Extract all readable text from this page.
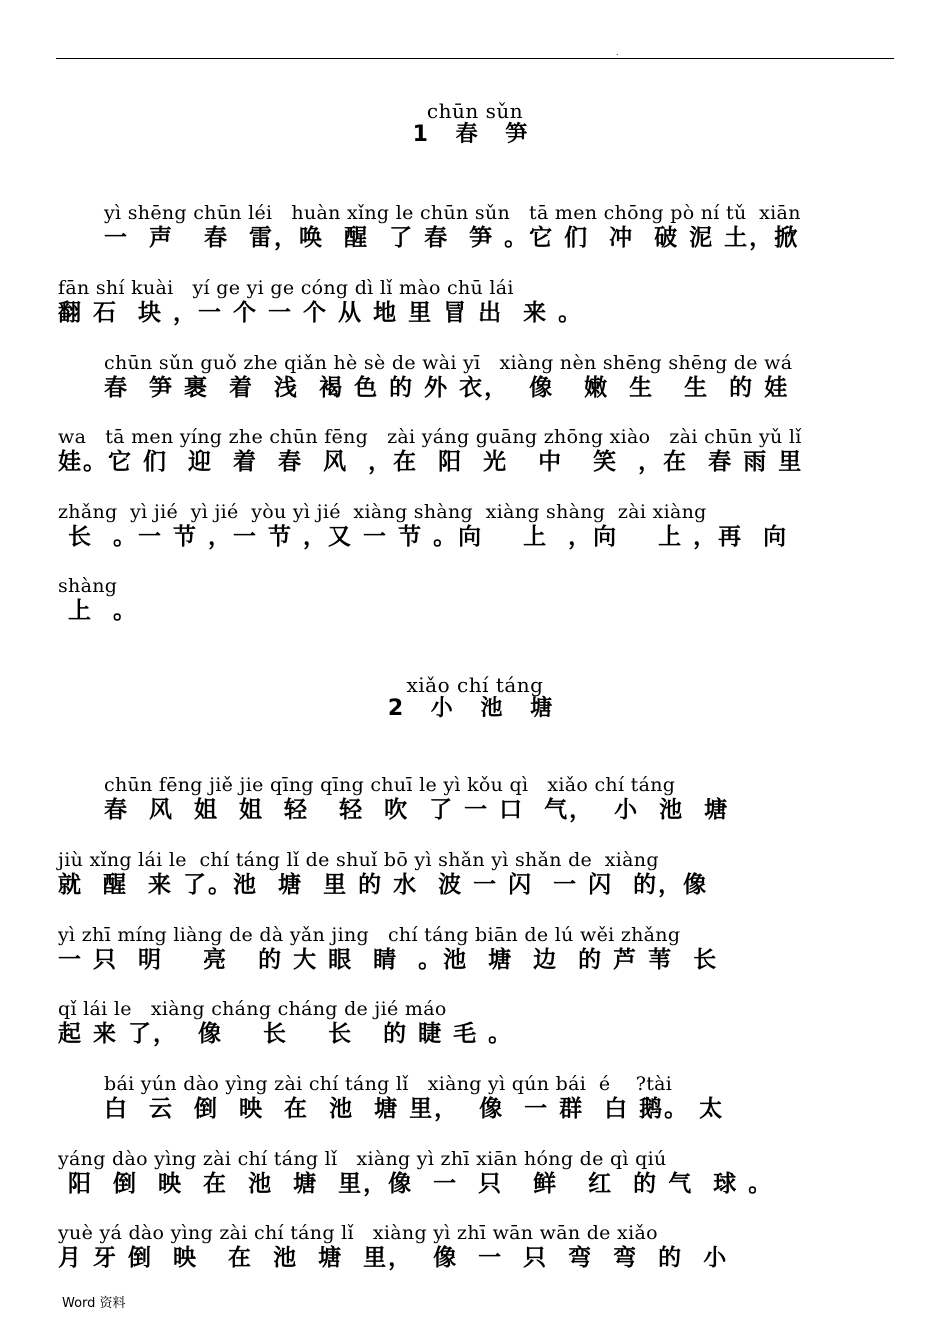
.
chūn sǔn
1 春 笋
yì shēng chūn léi   huàn xǐng le chūn sǔn   tā men chōng pò ní tǔ  xiān
一  声   春  雷，唤  醒  了 春  笋 。它 们  冲  破 泥 土，掀
fān shí kuài   yí ge yi ge cóng dì lǐ mào chū lái
翻 石  块 ，一 个 一 个 从 地 里 冒 出  来 。
chūn sǔn guǒ zhe qiǎn hè sè de wài yī   xiàng nèn shēng shēng de wá
春  笋 裹  着  浅  褐 色 的 外 衣，  像   嫩  生   生  的 娃
wa   tā men yíng zhe chūn fēng   zài yáng guāng zhōng xiào   zài chūn yǔ lǐ
娃。它 们  迎  着  春  风  ，在  阳  光   中   笑  ，在  春 雨 里
zhǎng  yì jié  yì jié  yòu yì jié  xiàng shàng  xiàng shàng  zài xiàng
长  。一 节 ，一 节 ，又 一 节 。向    上  ，向    上 ，再  向
shàng
上  。
xiǎo chí táng
2 小 池 塘
chūn fēng jiě jie qīng qīng chuī le yì kǒu qì   xiǎo chí táng
春  风  姐  姐  轻   轻  吹  了 一 口  气，  小  池  塘
jiù xǐng lái le  chí táng lǐ de shuǐ bō yì shǎn yì shǎn de  xiàng
就  醒  来 了。池  塘  里 的 水  波 一 闪  一 闪  的，像
yì zhī míng liàng de dà yǎn jing   chí táng biān de lú wěi zhǎng
一 只  明    亮   的 大 眼  睛  。池  塘  边  的 芦 苇  长
qǐ lái le   xiàng cháng cháng de jié máo
起 来 了，  像    长    长   的 睫 毛 。
bái yún dào yìng zài chí táng lǐ   xiàng yì qún bái  é    ?tài
白  云  倒  映  在  池  塘 里，  像  一 群  白 鹅。 太
yáng dào yìng zài chí táng lǐ   xiàng yì zhī xiān hóng de qì qiú
阳  倒  映  在  池  塘  里，像  一  只   鲜   红  的 气  球 。
yuè yá dào yìng zài chí táng lǐ   xiàng yì zhī wān wān de xiǎo
月 牙 倒  映   在  池  塘  里，  像  一  只  弯  弯  的  小
Word 资料
